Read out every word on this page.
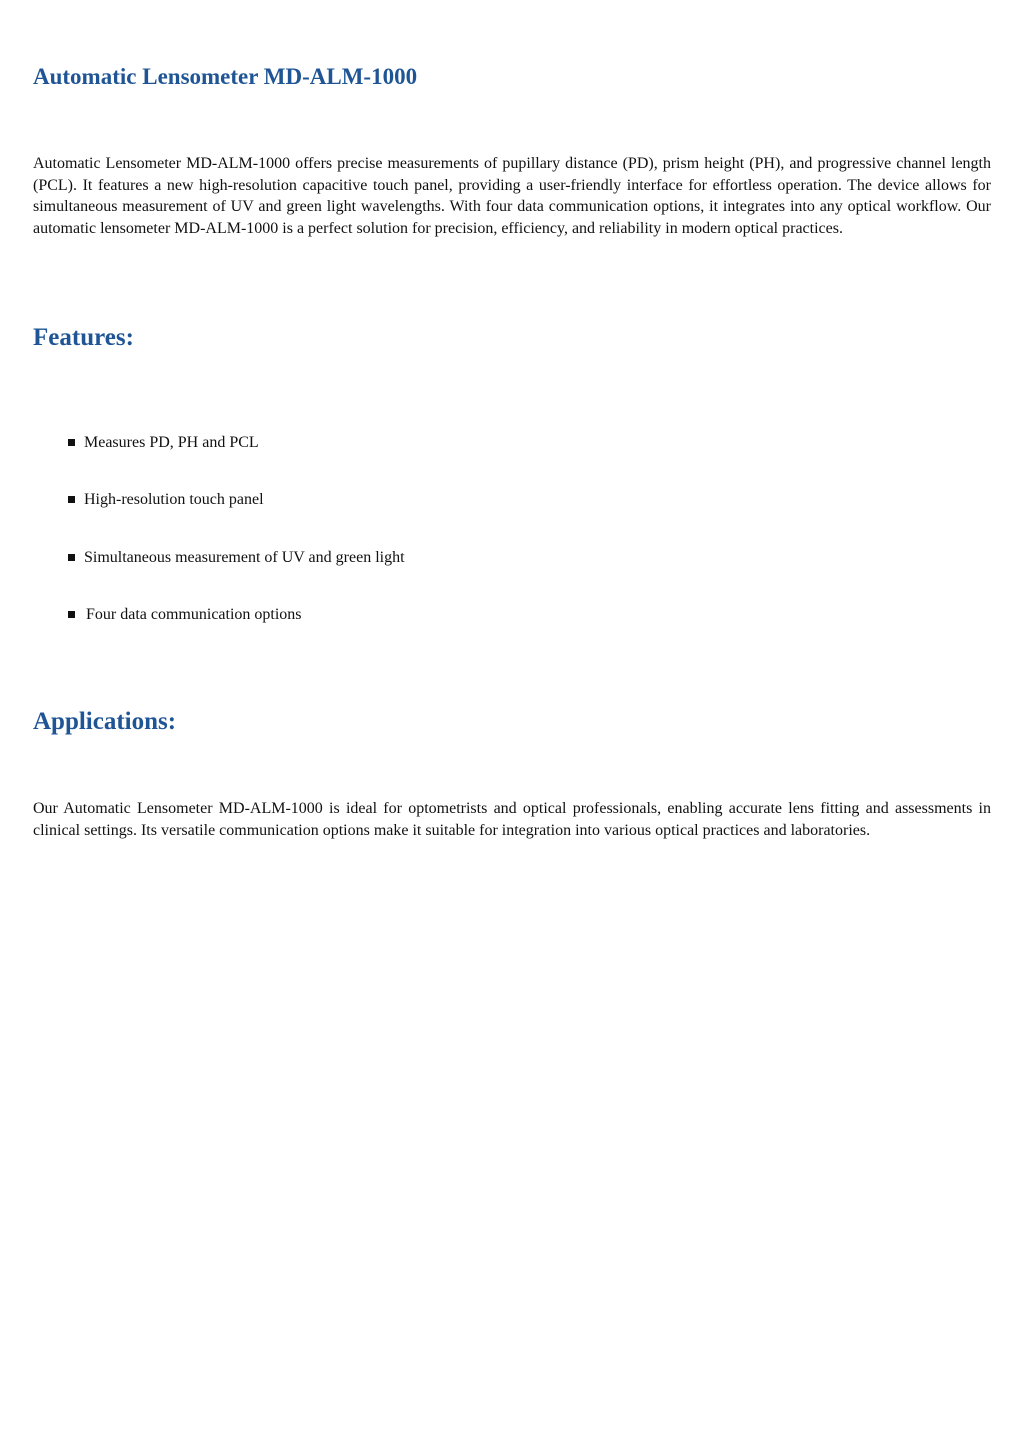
Automatic Lensometer MD-ALM-1000

Automatic Lensometer MD-ALM-1000 offers precise measurements of pupillary distance (PD), prism height (PH), and progressive channel length (PCL). It features a new high-resolution capacitive touch panel, providing a user-friendly interface for effortless operation. The device allows for simultaneous measurement of UV and green light wavelengths. With four data communication options, it integrates into any optical workflow. Our automatic lensometer MD-ALM-1000 is a perfect solution for precision, efficiency, and reliability in modern optical practices.

Features:
Measures PD, PH and PCL
High-resolution touch panel
Simultaneous measurement of UV and green light
Four data communication options
Applications:

Our Automatic Lensometer MD-ALM-1000 is ideal for optometrists and optical professionals, enabling accurate lens fitting and assessments in clinical settings. Its versatile communication options make it suitable for integration into various optical practices and laboratories.
